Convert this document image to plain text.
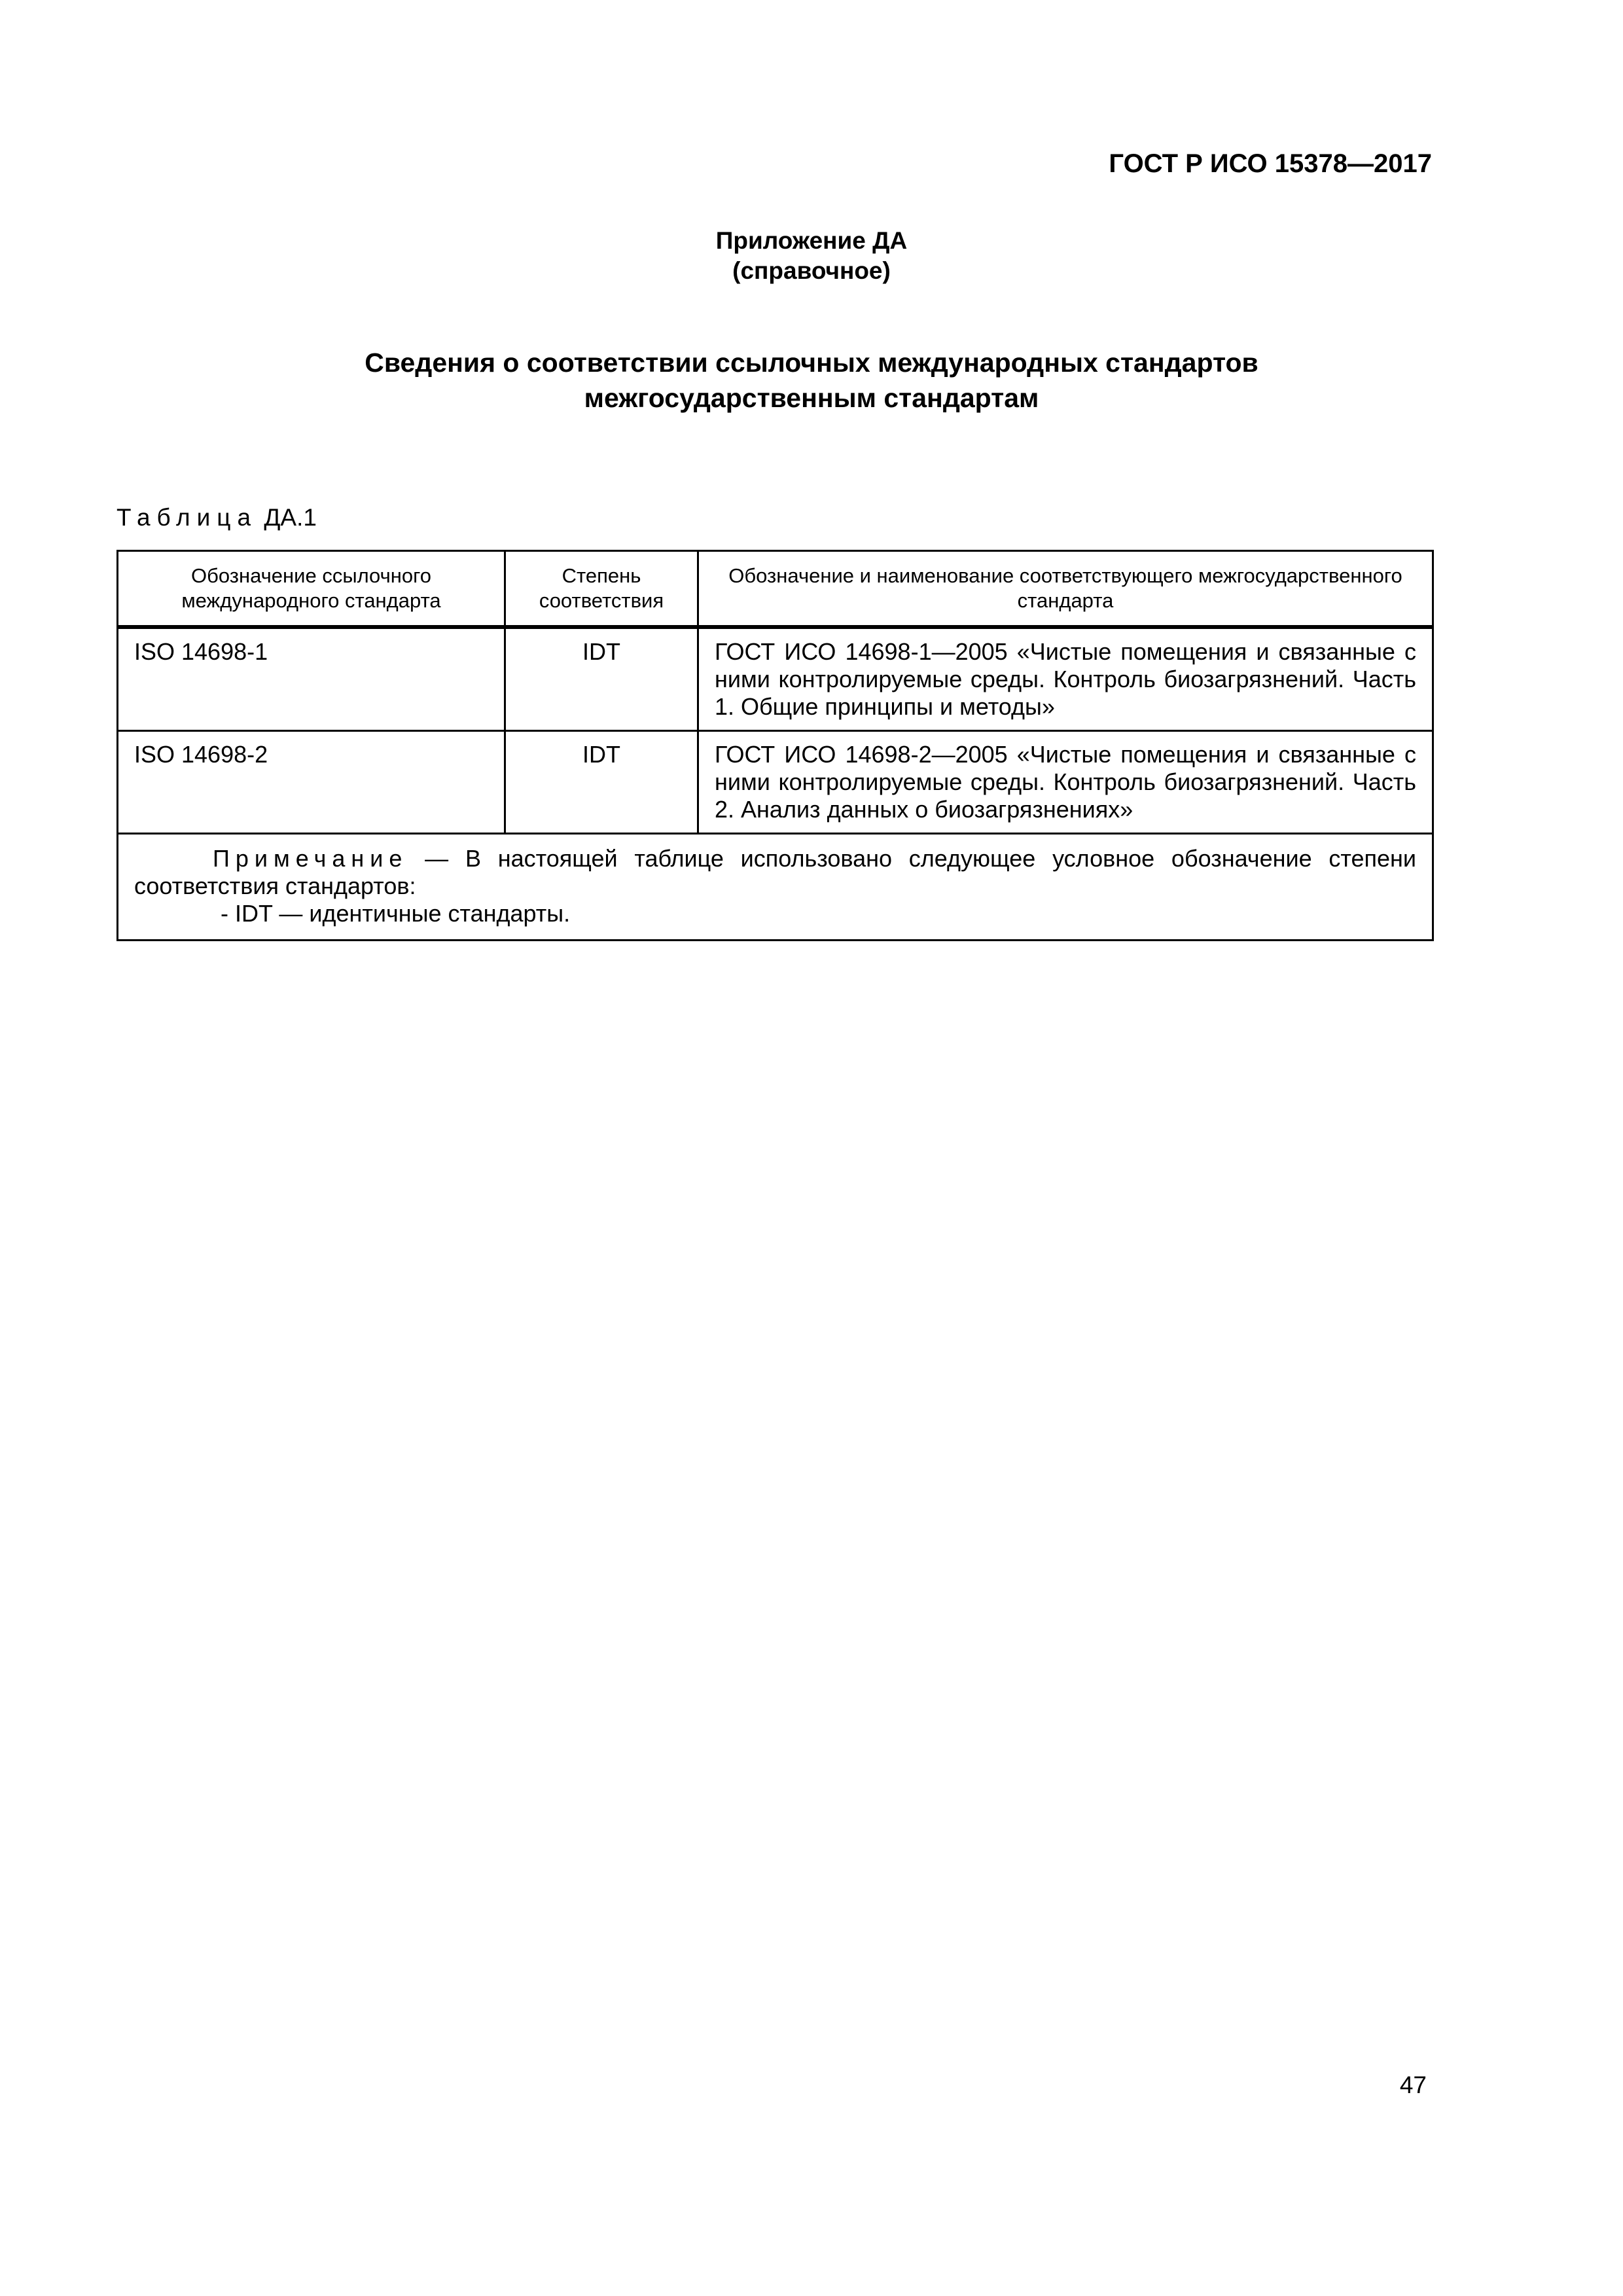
ГОСТ Р ИСО 15378—2017
Приложение ДА
(справочное)
Сведения о соответствии ссылочных международных стандартов
межгосударственным стандартам
Таблица ДА.1
Обозначение ссылочного международного стандарта	Степень соответствия	Обозначение и наименование соответствующего межгосударственного стандарта
ISO 14698-1	IDT	ГОСТ ИСО 14698-1—2005 «Чистые помещения и связанные с ними контролируемые среды. Контроль биозагрязнений. Часть 1. Общие принципы и методы»
ISO 14698-2	IDT	ГОСТ ИСО 14698-2—2005 «Чистые помещения и связанные с ними контролируемые среды. Контроль биозагрязнений. Часть 2. Анализ данных о биозагрязнениях»
Примечание — В настоящей таблице использовано следующее условное обозначение степени соответствия стандартов:
- IDT — идентичные стандарты.		
47
